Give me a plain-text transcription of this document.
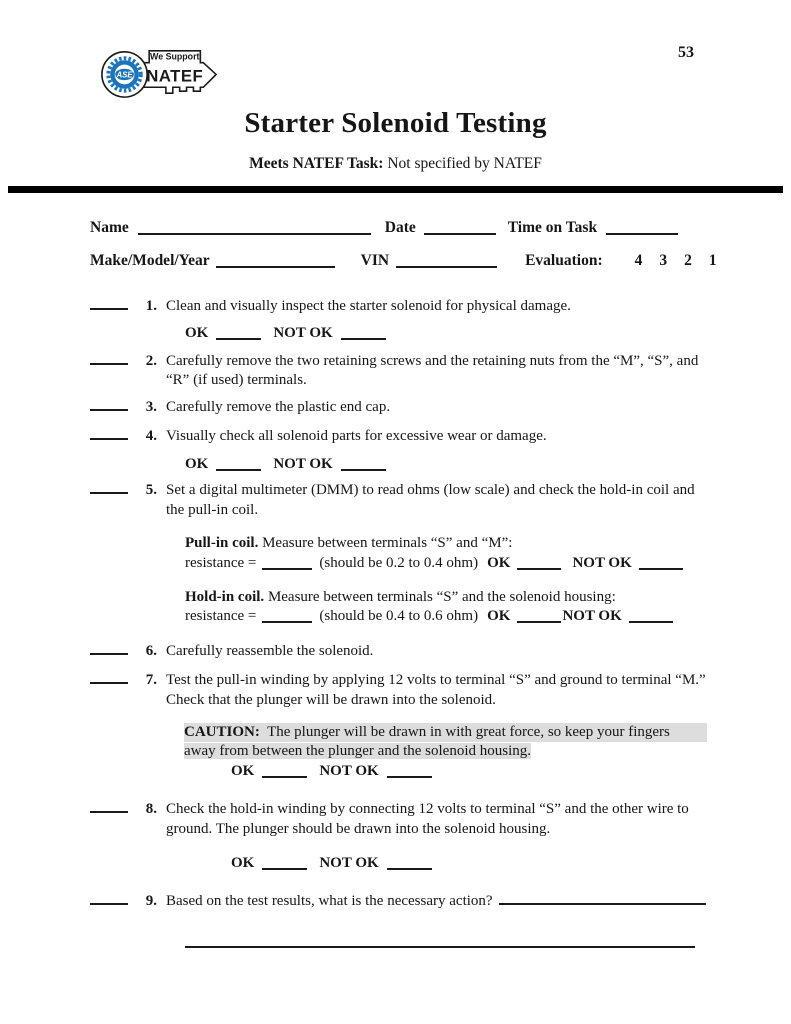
53
ASE
We Support
NATEF
Starter Solenoid Testing
Meets NATEF Task: Not specified by NATEF
Name	Date	Time on Task
Make/Model/Year	VIN	Evaluation: 4 3 2 1
1. Clean and visually inspect the starter solenoid for physical damage.
OK	NOT OK
2. Carefully remove the two retaining screws and the retaining nuts from the “M”, “S”, and “R” (if used) terminals.
3. Carefully remove the plastic end cap.
4. Visually check all solenoid parts for excessive wear or damage.
OK	NOT OK
5. Set a digital multimeter (DMM) to read ohms (low scale) and check the hold-in coil and the pull-in coil.
Pull-in coil. Measure between terminals “S” and “M”:
resistance =	(should be 0.2 to 0.4 ohm) OK	NOT OK
Hold-in coil. Measure between terminals “S” and the solenoid housing:
resistance =	(should be 0.4 to 0.6 ohm) OK	NOT OK
6. Carefully reassemble the solenoid.
7. Test the pull-in winding by applying 12 volts to terminal “S” and ground to terminal “M.” Check that the plunger will be drawn into the solenoid.
CAUTION: The plunger will be drawn in with great force, so keep your fingers
away from between the plunger and the solenoid housing.
OK	NOT OK
8. Check the hold-in winding by connecting 12 volts to terminal “S” and the other wire to ground. The plunger should be drawn into the solenoid housing.
OK	NOT OK
9. Based on the test results, what is the necessary action?
